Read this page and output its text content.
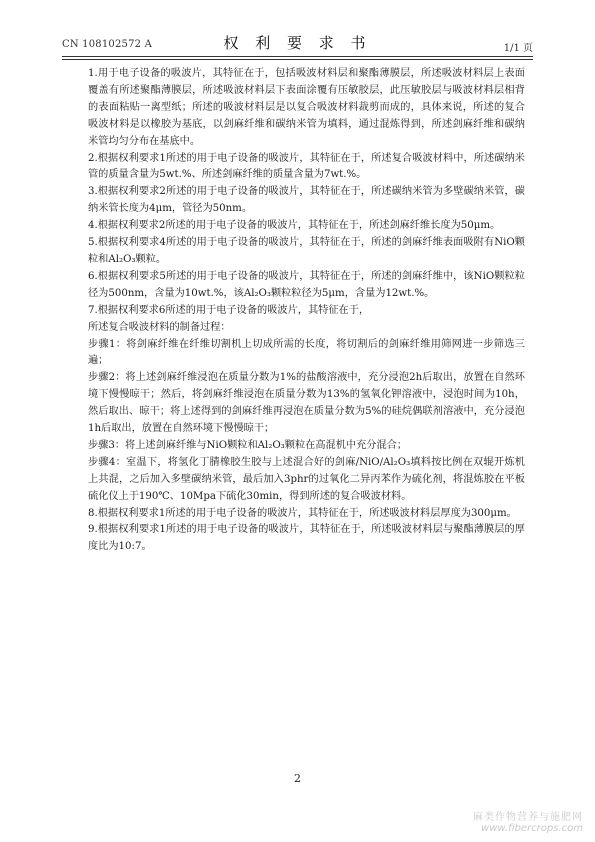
CN 108102572 A	权 利 要 求 书	1/1 页

1.用于电子设备的吸波片，其特征在于，包括吸波材料层和聚酯薄膜层，所述吸波材料层上表面覆盖有所述聚酯薄膜层，所述吸波材料层下表面涂覆有压敏胶层，此压敏胶层与吸波材料层相背的表面粘贴一离型纸；所述的吸波材料层是以复合吸波材料裁剪而成的，具体来说，所述的复合吸波材料是以橡胶为基底，以剑麻纤维和碳纳米管为填料，通过混炼得到，所述剑麻纤维和碳纳米管均匀分布在基底中。

2.根据权利要求1所述的用于电子设备的吸波片，其特征在于，所述复合吸波材料中，所述碳纳米管的质量含量为5wt.%、所述剑麻纤维的质量含量为7wt.%。

3.根据权利要求2所述的用于电子设备的吸波片，其特征在于，所述碳纳米管为多壁碳纳米管，碳纳米管长度为4μm，管径为50nm。

4.根据权利要求2所述的用于电子设备的吸波片，其特征在于，所述剑麻纤维长度为50μm。

5.根据权利要求4所述的用于电子设备的吸波片，其特征在于，所述的剑麻纤维表面吸附有NiO颗粒和Al₂O₃颗粒。

6.根据权利要求5所述的用于电子设备的吸波片，其特征在于，所述的剑麻纤维中，该NiO颗粒粒径为500nm，含量为10wt.%，该Al₂O₃颗粒粒径为5μm，含量为12wt.%。

7.根据权利要求6所述的用于电子设备的吸波片，其特征在于，

所述复合吸波材料的制备过程：

步骤1：将剑麻纤维在纤维切割机上切成所需的长度，将切割后的剑麻纤维用筛网进一步筛选三遍；

步骤2：将上述剑麻纤维浸泡在质量分数为1%的盐酸溶液中，充分浸泡2h后取出，放置在自然环境下慢慢晾干；然后，将剑麻纤维浸泡在质量分数为13%的氢氧化钾溶液中，浸泡时间为10h，然后取出、晾干；将上述得到的剑麻纤维再浸泡在质量分数为5%的硅烷偶联剂溶液中，充分浸泡1h后取出，放置在自然环境下慢慢晾干；

步骤3：将上述剑麻纤维与NiO颗粒和Al₂O₃颗粒在高混机中充分混合；

步骤4：室温下，将氢化丁腈橡胶生胶与上述混合好的剑麻/NiO/Al₂O₃填料按比例在双辊开炼机上共混，之后加入多壁碳纳米管，最后加入3phr的过氧化二异丙苯作为硫化剂，将混炼胶在平板硫化仪上于190℃、10Mpa下硫化30min，得到所述的复合吸波材料。

8.根据权利要求1所述的用于电子设备的吸波片，其特征在于，所述吸波材料层厚度为300μm。

9.根据权利要求1所述的用于电子设备的吸波片，其特征在于，所述吸波材料层与聚酯薄膜层的厚度比为10:7。

2
麻类作物营养与施肥网
www.fibercrops.com
